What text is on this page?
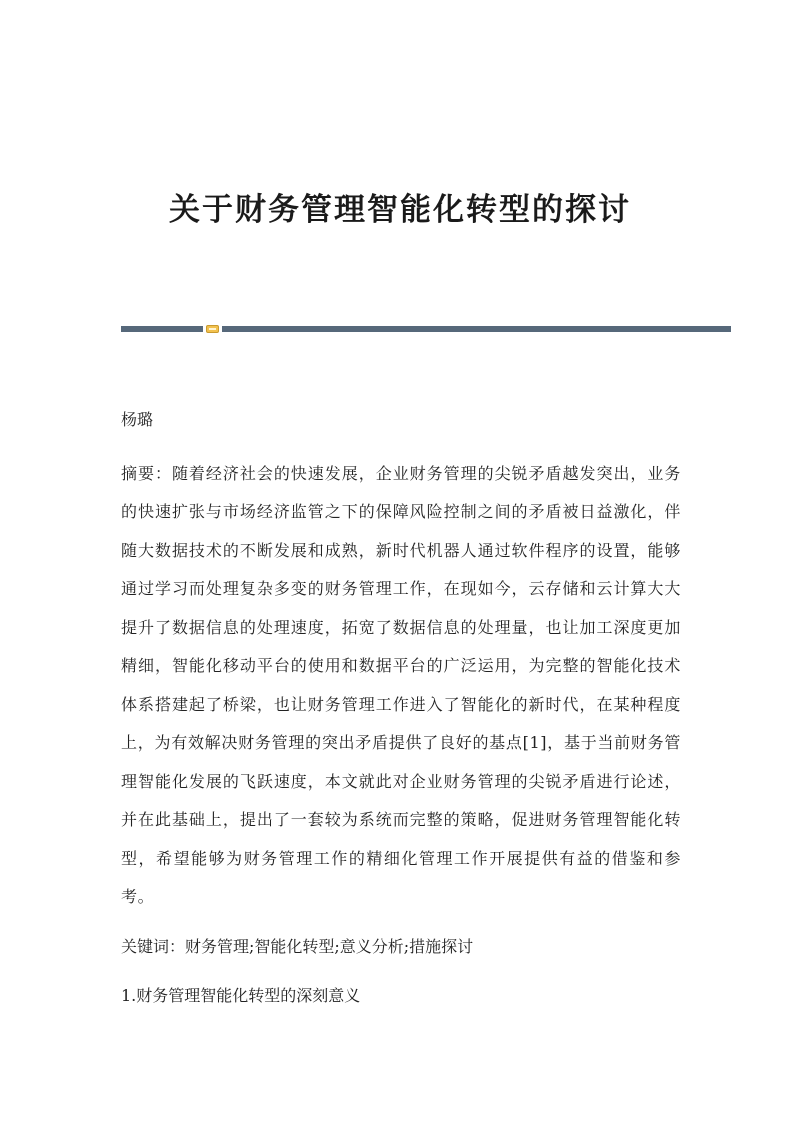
关于财务管理智能化转型的探讨

杨璐

摘要：随着经济社会的快速发展，企业财务管理的尖锐矛盾越发突出，业务的快速扩张与市场经济监管之下的保障风险控制之间的矛盾被日益激化，伴随大数据技术的不断发展和成熟，新时代机器人通过软件程序的设置，能够通过学习而处理复杂多变的财务管理工作，在现如今，云存储和云计算大大提升了数据信息的处理速度，拓宽了数据信息的处理量，也让加工深度更加精细，智能化移动平台的使用和数据平台的广泛运用，为完整的智能化技术体系搭建起了桥梁，也让财务管理工作进入了智能化的新时代，在某种程度上，为有效解决财务管理的突出矛盾提供了良好的基点[1]，基于当前财务管理智能化发展的飞跃速度，本文就此对企业财务管理的尖锐矛盾进行论述，并在此基础上，提出了一套较为系统而完整的策略，促进财务管理智能化转型，希望能够为财务管理工作的精细化管理工作开展提供有益的借鉴和参考。

关键词：财务管理;智能化转型;意义分析;措施探讨

1.财务管理智能化转型的深刻意义
